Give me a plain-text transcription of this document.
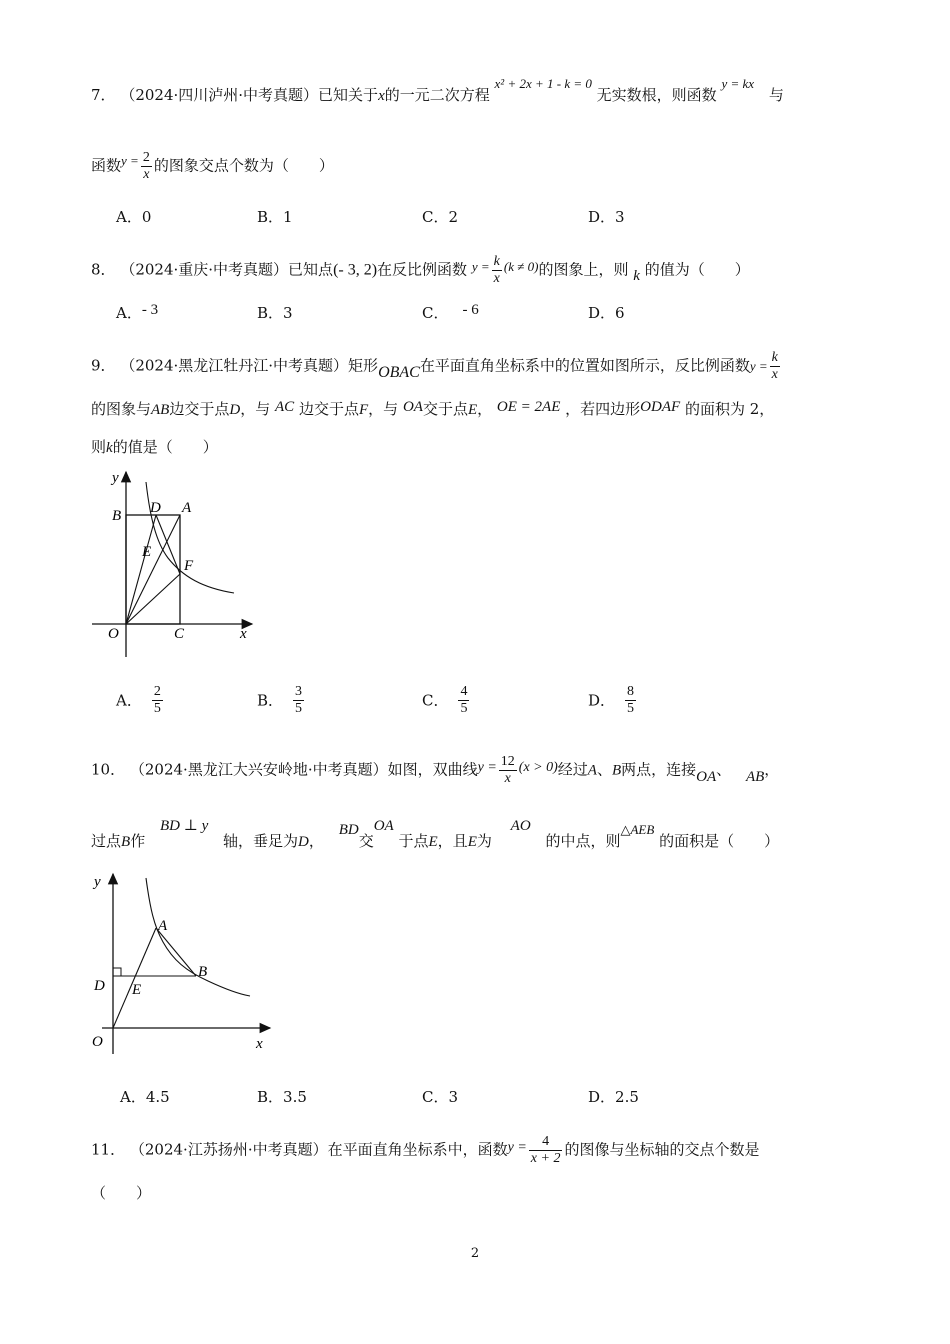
7． （2024·四川泸州·中考真题）已知关于x的一元二次方程 x² + 2x + 1 - k = 0 无实数根，则函数 y = kx 与
函数$y = \frac{2}{x}$ 的图象交点个数为（　　）
A．0	B．1	C．2	D．3
8． （2024·重庆·中考真题）已知点(- 3, 2)在反比例函数 $y = \frac{k}{x} (k \ne 0)$的图象上，则 k 的值为（　　）
A．- 3	B．3	C． - 6	D．6
9． （2024·黑龙江牡丹江·中考真题）矩形OBAC在平面直角坐标系中的位置如图所示，反比例函数$y = \frac{k}{x}$
的图象与AB边交于点D，与 AC 边交于点F，与 OA交于点E， OE = 2AE ，若四边形ODAF 的面积为 2，
则k的值是（　　）
y
x
O
B
C
D A
E
F
A． $\frac{2}{5}$	B． $\frac{3}{5}$	C． $\frac{4}{5}$	D． $\frac{8}{5}$
10． （2024·黑龙江大兴安岭地·中考真题）如图，双曲线$y = \frac{12}{x} (x > 0)$经过A、B两点，连接OA、 AB，
过点B作 BD ⊥ y 轴，垂足为D， BD交OA 于点E，且E为 AO 的中点，则△AEB 的面积是（　　）
y
x
O
D E
A
B
A．4.5	B．3.5	C．3	D．2.5
11． （2024·江苏扬州·中考真题）在平面直角坐标系中，函数$y = \frac{4}{x + 2}$ 的图像与坐标轴的交点个数是
（　　）
2
